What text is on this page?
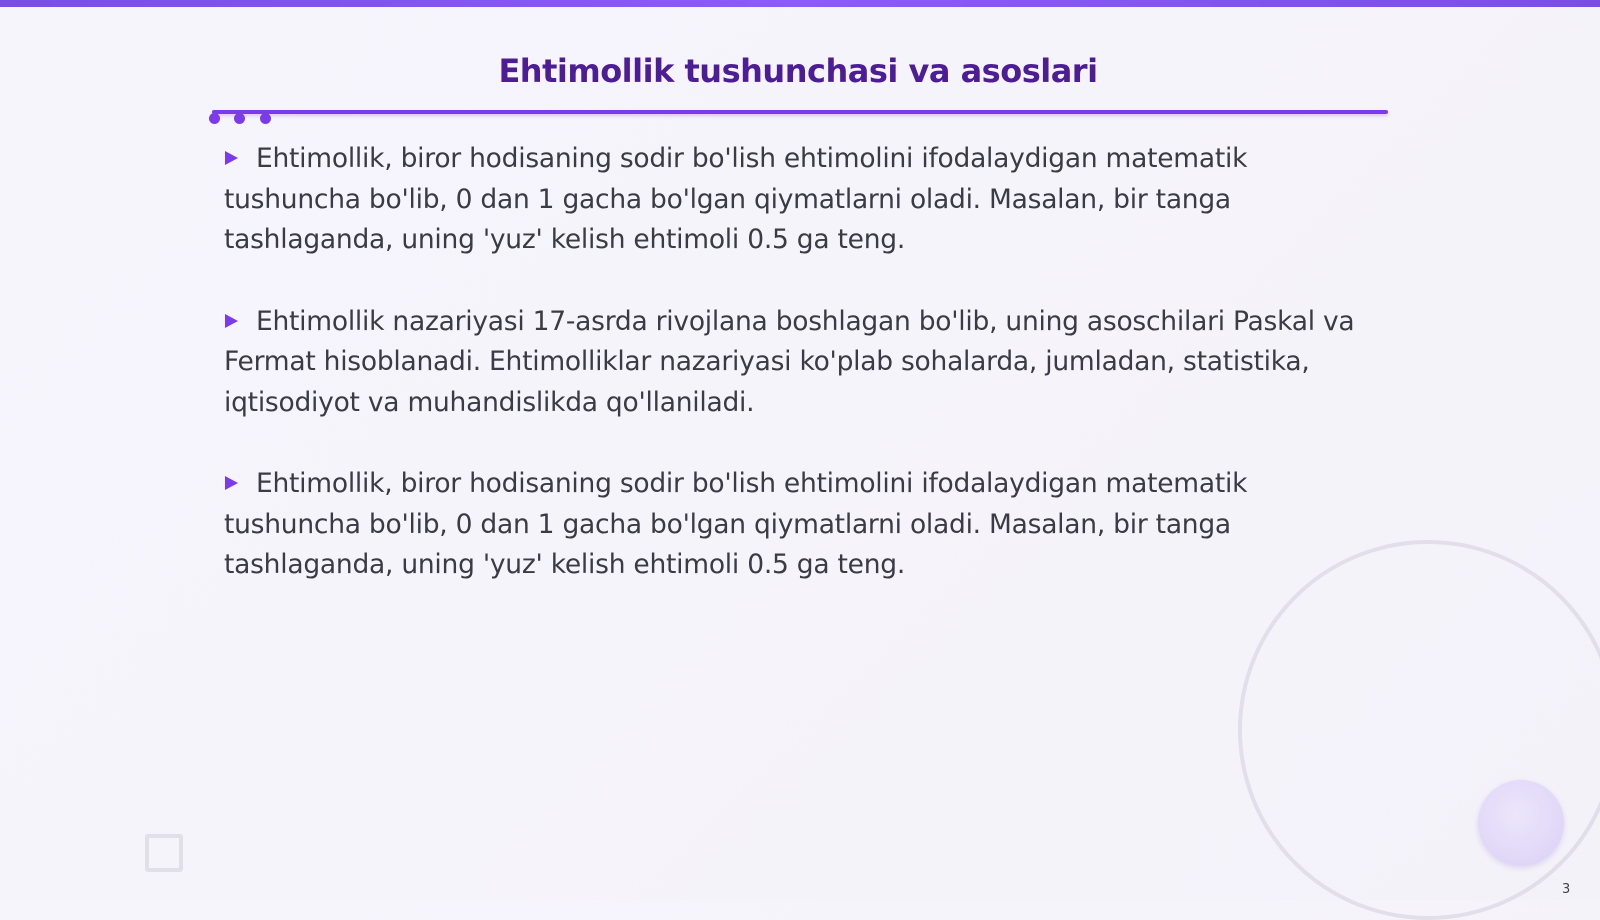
Ehtimollik tushunchasi va asoslari

Ehtimollik, biror hodisaning sodir bo'lish ehtimolini ifodalaydigan matematik tushuncha bo'lib, 0 dan 1 gacha bo'lgan qiymatlarni oladi. Masalan, bir tanga tashlaganda, uning 'yuz' kelish ehtimoli 0.5 ga teng.

Ehtimollik nazariyasi 17-asrda rivojlana boshlagan bo'lib, uning asoschilari Paskal va Fermat hisoblanadi. Ehtimolliklar nazariyasi ko'plab sohalarda, jumladan, statistika, iqtisodiyot va muhandislikda qo'llaniladi.

Ehtimollik, biror hodisaning sodir bo'lish ehtimolini ifodalaydigan matematik tushuncha bo'lib, 0 dan 1 gacha bo'lgan qiymatlarni oladi. Masalan, bir tanga tashlaganda, uning 'yuz' kelish ehtimoli 0.5 ga teng.

3
